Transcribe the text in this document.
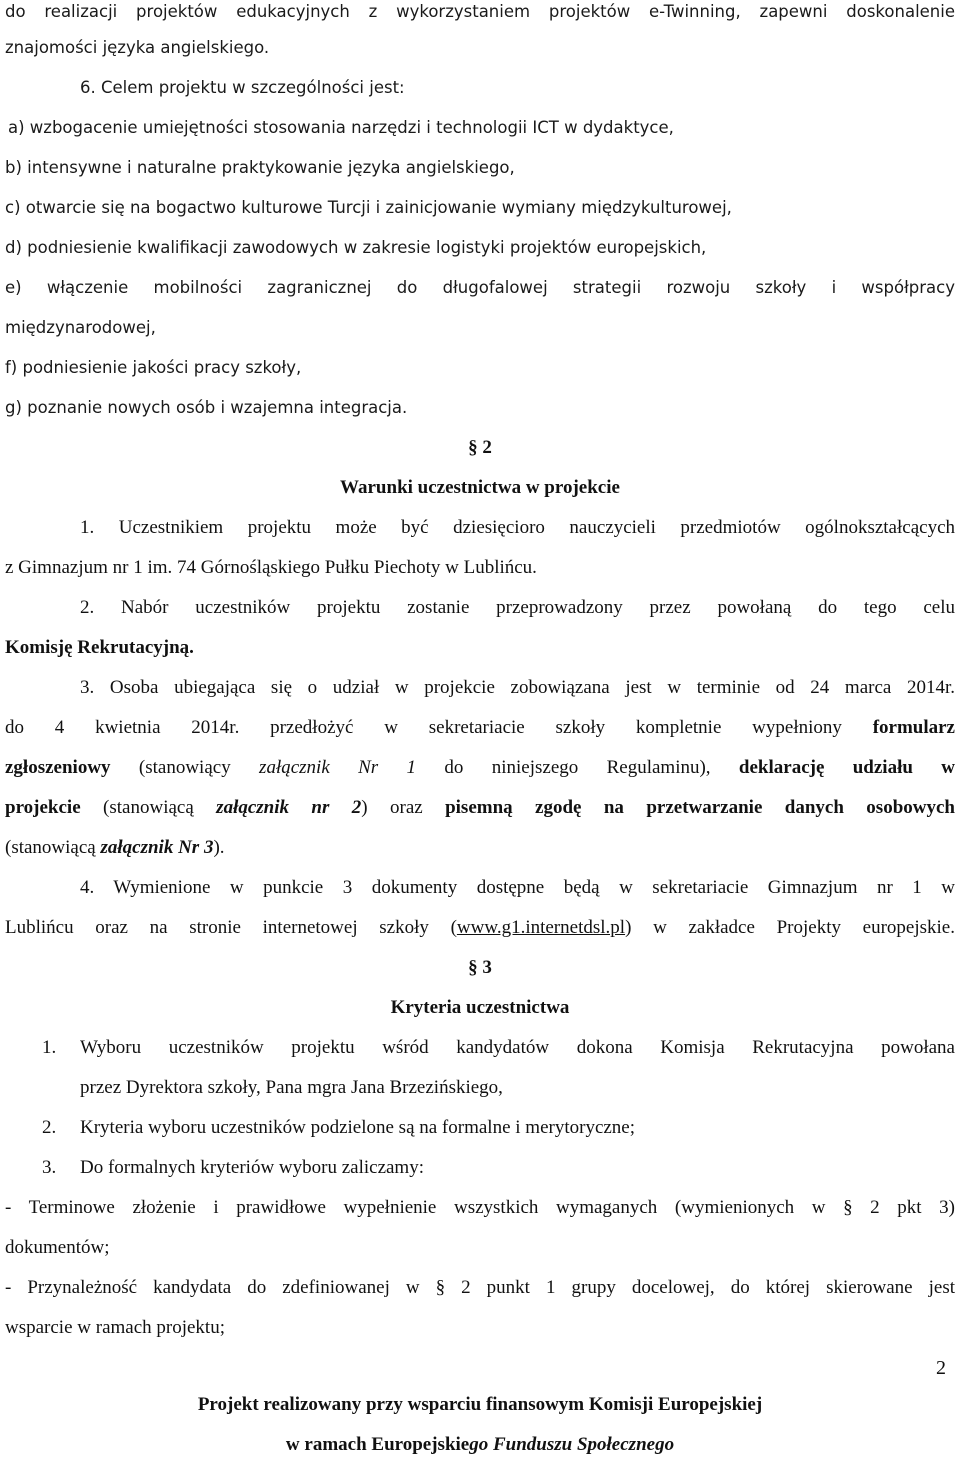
do realizacji projektów edukacyjnych z wykorzystaniem projektów e-Twinning, zapewni doskonalenie
znajomości języka angielskiego.
6. Celem projektu w szczególności jest:
a) wzbogacenie umiejętności stosowania narzędzi i technologii ICT w dydaktyce,
b) intensywne i naturalne praktykowanie języka angielskiego,
c) otwarcie się na bogactwo kulturowe Turcji i zainicjowanie wymiany międzykulturowej,
d) podniesienie kwalifikacji zawodowych w zakresie logistyki projektów europejskich,
e) włączenie mobilności zagranicznej do długofalowej strategii rozwoju szkoły i współpracy
międzynarodowej,
f) podniesienie jakości pracy szkoły,
g) poznanie nowych osób i wzajemna integracja.
§ 2
Warunki uczestnictwa w projekcie
1. Uczestnikiem projektu może być dziesięcioro nauczycieli przedmiotów ogólnokształcących
z Gimnazjum nr 1 im. 74 Górnośląskiego Pułku Piechoty w Lublińcu.
2. Nabór uczestników projektu zostanie przeprowadzony przez powołaną do tego celu
Komisję Rekrutacyjną.
3. Osoba ubiegająca się o udział w projekcie zobowiązana jest w terminie od 24 marca 2014r.
do 4 kwietnia 2014r. przedłożyć w sekretariacie szkoły kompletnie wypełniony formularz
zgłoszeniowy (stanowiący załącznik Nr 1 do niniejszego Regulaminu), deklarację udziału w
projekcie (stanowiącą załącznik nr 2) oraz pisemną zgodę na przetwarzanie danych osobowych
(stanowiącą załącznik Nr 3).
4. Wymienione w punkcie 3 dokumenty dostępne będą w sekretariacie Gimnazjum nr 1 w
Lublińcu oraz na stronie internetowej szkoły (www.g1.internetdsl.pl) w zakładce Projekty europejskie.
§ 3
Kryteria uczestnictwa
1. Wyboru uczestników projektu wśród kandydatów dokona Komisja Rekrutacyjna powołana
przez Dyrektora szkoły, Pana mgra Jana Brzezińskiego,
2. Kryteria wyboru uczestników podzielone są na formalne i merytoryczne;
3. Do formalnych kryteriów wyboru zaliczamy:
- Terminowe złożenie i prawidłowe wypełnienie wszystkich wymaganych (wymienionych w § 2 pkt 3)
dokumentów;
- Przynależność kandydata do zdefiniowanej w § 2 punkt 1 grupy docelowej, do której skierowane jest
wsparcie w ramach projektu;
2
Projekt realizowany przy wsparciu finansowym Komisji Europejskiej
w ramach Europejskiego Funduszu Społecznego
